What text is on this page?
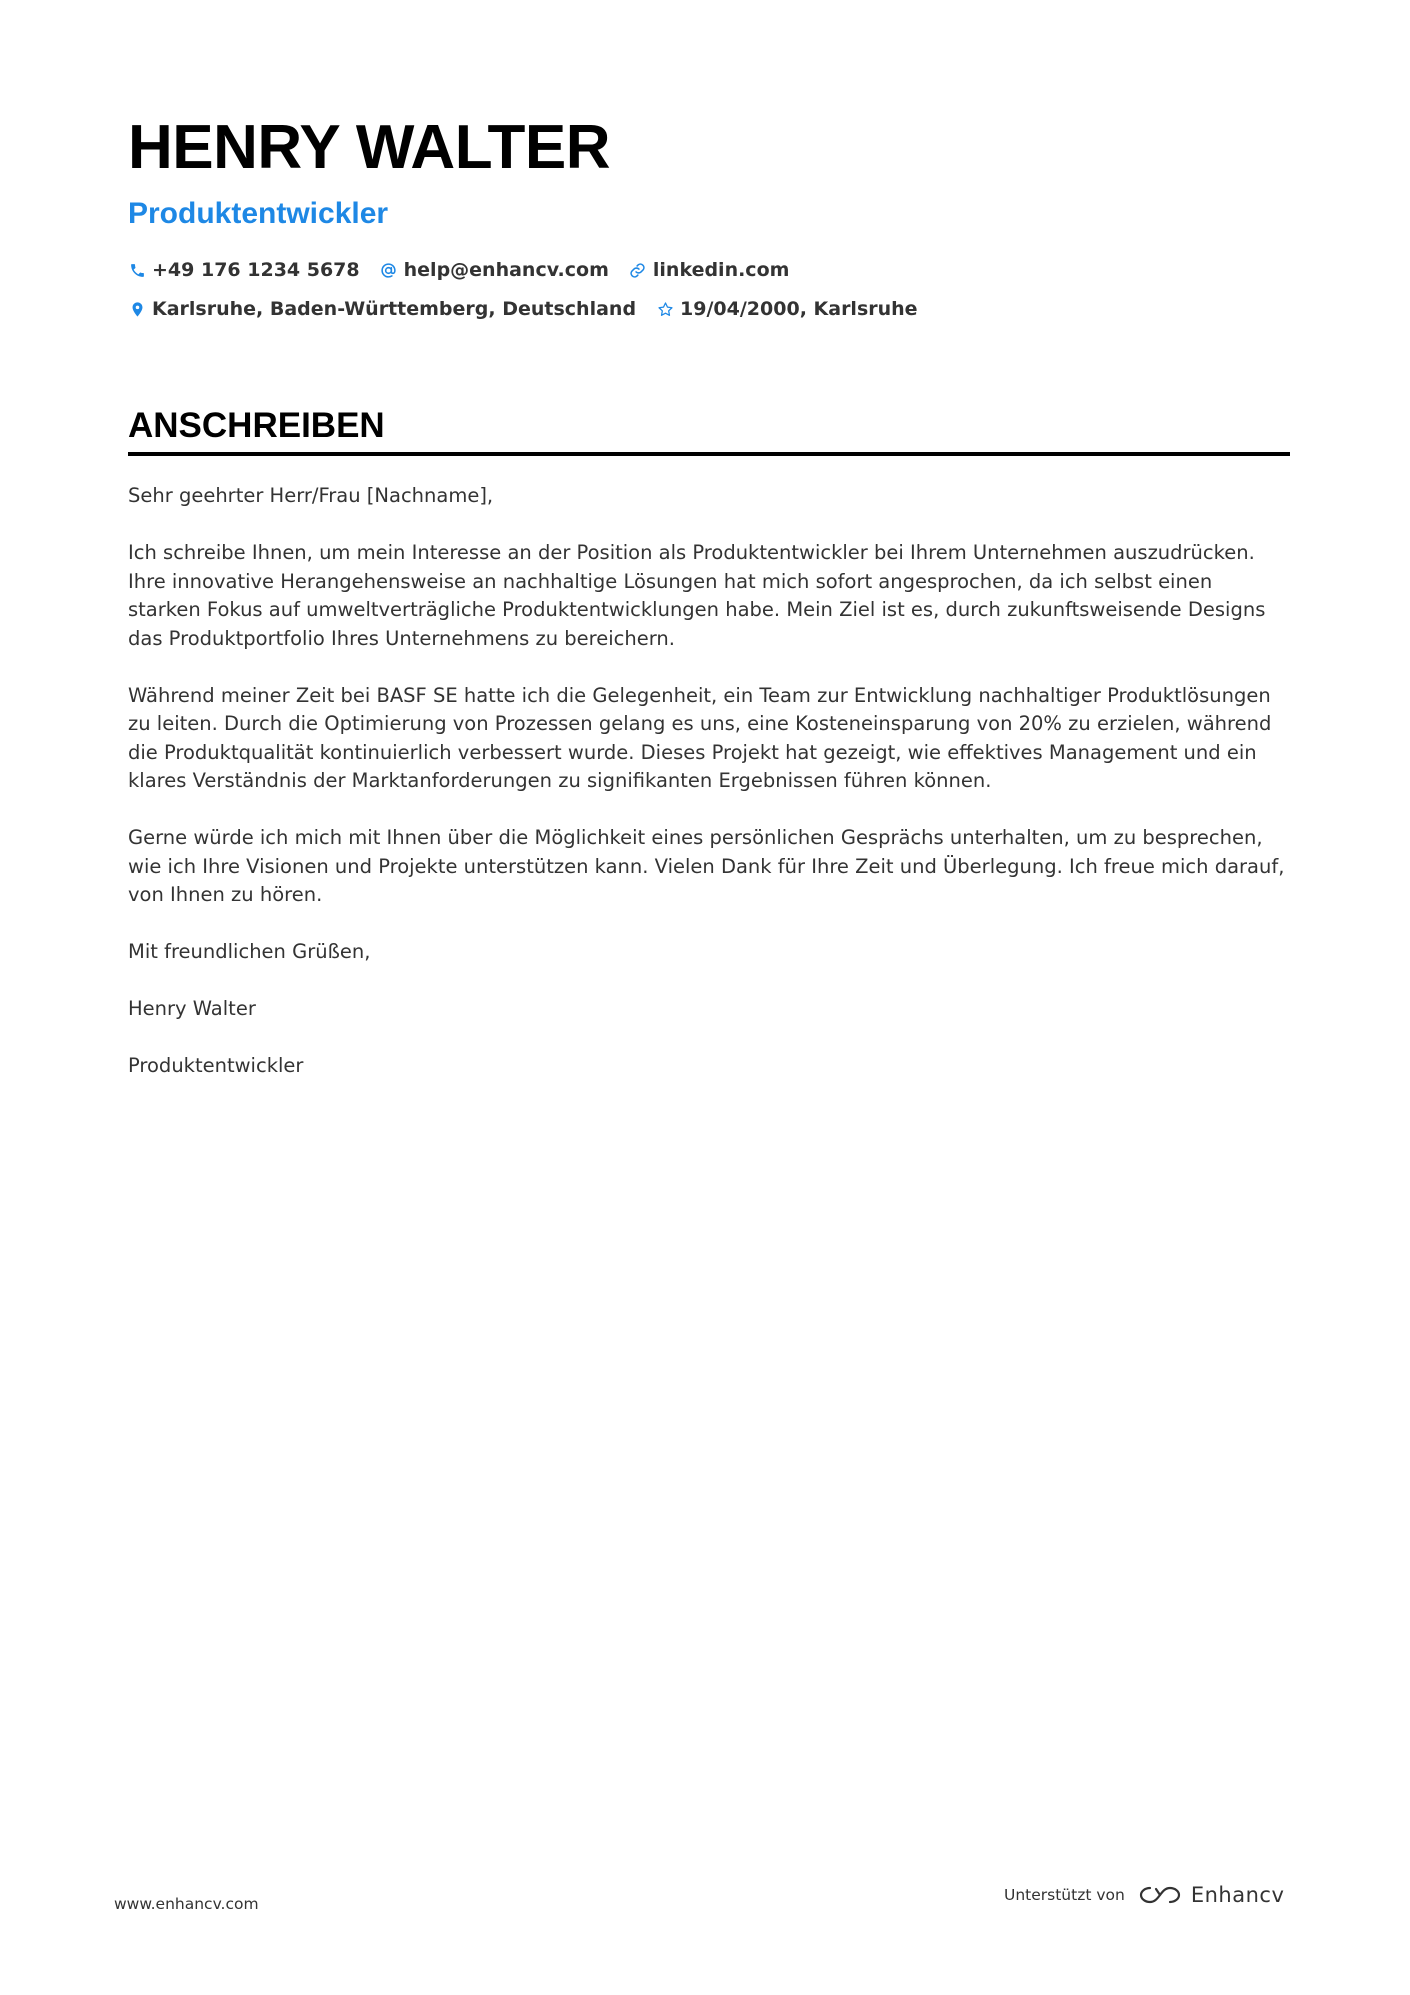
HENRY WALTER
Produktentwickler
+49 176 1234 5678 help@enhancv.com linkedin.com
Karlsruhe, Baden-Württemberg, Deutschland 19/04/2000, Karlsruhe
ANSCHREIBEN

Sehr geehrter Herr/Frau [Nachname],

Ich schreibe Ihnen, um mein Interesse an der Position als Produktentwickler bei Ihrem Unternehmen auszudrücken. Ihre innovative Herangehensweise an nachhaltige Lösungen hat mich sofort angesprochen, da ich selbst einen starken Fokus auf umweltverträgliche Produktentwicklungen habe. Mein Ziel ist es, durch zukunftsweisende Designs das Produktportfolio Ihres Unternehmens zu bereichern.

Während meiner Zeit bei BASF SE hatte ich die Gelegenheit, ein Team zur Entwicklung nachhaltiger Produktlösungen zu leiten. Durch die Optimierung von Prozessen gelang es uns, eine Kosteneinsparung von 20% zu erzielen, während die Produktqualität kontinuierlich verbessert wurde. Dieses Projekt hat gezeigt, wie effektives Management und ein klares Verständnis der Marktanforderungen zu signifikanten Ergebnissen führen können.

Gerne würde ich mich mit Ihnen über die Möglichkeit eines persönlichen Gesprächs unterhalten, um zu besprechen, wie ich Ihre Visionen und Projekte unterstützen kann. Vielen Dank für Ihre Zeit und Überlegung. Ich freue mich darauf, von Ihnen zu hören.

Mit freundlichen Grüßen,

Henry Walter

Produktentwickler

www.enhancv.com	Unterstützt von	Enhancv
